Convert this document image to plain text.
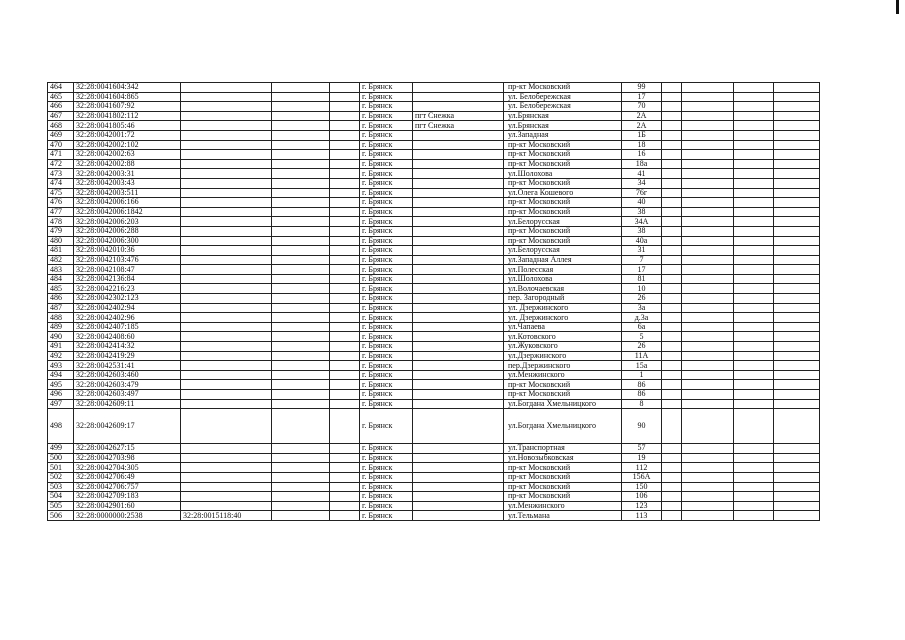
464	32:28:0041604:342				г. Брянск		пр-кт Московский	99				
465	32:28:0041604:865				г. Брянск		ул. Белобережская	17				
466	32:28:0041607:92				г. Брянск		ул. Белобережская	70				
467	32:28:0041802:112				г. Брянск	пгт Снежка	ул.Брянская	2А				
468	32:28:0041805:46				г. Брянск	пгт Снежка	ул.Брянская	2А				
469	32:28:0042001:72				г. Брянск		ул.Западная	1Б				
470	32:28:0042002:102				г. Брянск		пр-кт Московский	18				
471	32:28:0042002:63				г. Брянск		пр-кт Московский	16				
472	32:28:0042002:88				г. Брянск		пр-кт Московский	18а				
473	32:28:0042003:31				г. Брянск		ул.Шолохова	41				
474	32:28:0042003:43				г. Брянск		пр-кт Московский	34				
475	32:28:0042003:511				г. Брянск		ул.Олега Кошевого	76г				
476	32:28:0042006:166				г. Брянск		пр-кт Московский	40				
477	32:28:0042006:1842				г. Брянск		пр-кт Московский	38				
478	32:28:0042006:203				г. Брянск		ул.Белорусская	34А				
479	32:28:0042006:288				г. Брянск		пр-кт Московский	38				
480	32:28:0042006:300				г. Брянск		пр-кт Московский	40а				
481	32:28:0042010:36				г. Брянск		ул.Белорусская	31				
482	32:28:0042103:476				г. Брянск		ул.Западная Аллея	7				
483	32:28:0042108:47				г. Брянск		ул.Полесская	17				
484	32:28:0042136:84				г. Брянск		ул.Шолохова	81				
485	32:28:0042216:23				г. Брянск		ул.Волочаевская	10				
486	32:28:0042302:123				г. Брянск		пер. Загородный	26				
487	32:28:0042402:94				г. Брянск		ул. Дзержинского	3а				
488	32:28:0042402:96				г. Брянск		ул. Дзержинского	д.3а				
489	32:28:0042407:185				г. Брянск		ул.Чапаева	6а				
490	32:28:0042408:60				г. Брянск		ул.Котовского	5				
491	32:28:0042414:32				г. Брянск		ул.Жуковского	26				
492	32:28:0042419:29				г. Брянск		ул.Дзержинского	11А				
493	32:28:0042531:41				г. Брянск		пер.Дзержинского	15а				
494	32:28:0042603:460				г. Брянск		ул.Менжинского	1				
495	32:28:0042603:479				г. Брянск		пр-кт Московский	86				
496	32:28:0042603:497				г. Брянск		пр-кт Московский	86				
497	32:28:0042609:11				г. Брянск		ул.Богдана Хмельницкого	8				
498	32:28:0042609:17				г. Брянск		ул.Богдана Хмельницкого	90				
499	32:28:0042627:15				г. Брянск		ул.Транспортная	57				
500	32:28:0042703:98				г. Брянск		ул.Новозыбковская	19				
501	32:28:0042704:305				г. Брянск		пр-кт Московский	112				
502	32:28:0042706:49				г. Брянск		пр-кт Московский	156А				
503	32:28:0042706:757				г. Брянск		пр-кт Московский	150				
504	32:28:0042709:183				г. Брянск		пр-кт Московский	106				
505	32:28:0042901:60				г. Брянск		ул.Менжинского	123				
506	32:28:0000000:2538	32:28:0015118:40			г. Брянск		ул.Тельмана	113				
